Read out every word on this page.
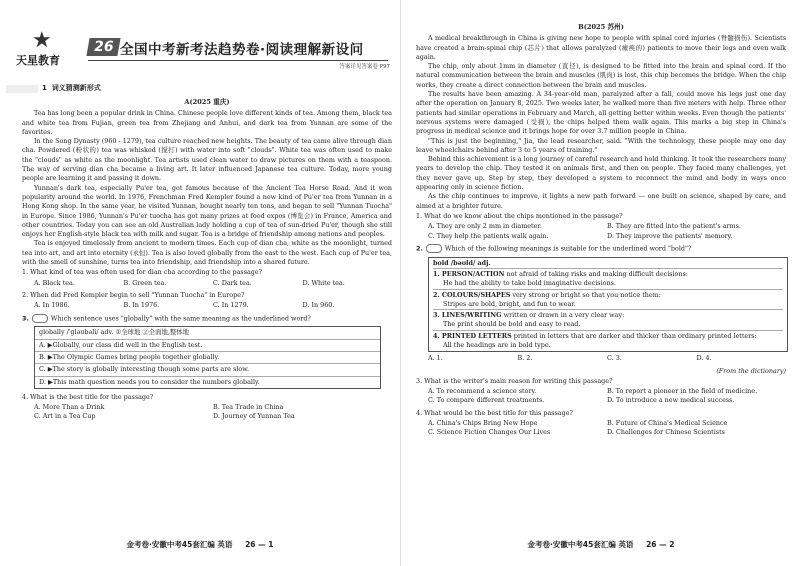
★
天星教育
26 全国中考新考法趋势卷·阅读理解新设问
答案详见答案卷 P97
1 词义猜测新形式
A(2025 重庆)

Tea has long been a popular drink in China. Chinese people love different kinds of tea. Among them, black tea and white tea from Fujian, green tea from Zhejiang and Anhui, and dark tea from Yunnan are some of the favorites.

In the Song Dynasty (960 - 1279), tea culture reached new heights. The beauty of tea came alive through dian cha. Powdered (粉状的) tea was whisked (搅打) with water into soft "clouds". White tea was often used to make the "clouds" as white as the moonlight. Tea artists used clean water to draw pictures on them with a teaspoon. The way of serving dian cha became a living art. It later influenced Japanese tea culture. Today, more young people are learning it and passing it down.

Yunnan's dark tea, especially Pu'er tea, got famous because of the Ancient Tea Horse Road. And it won popularity around the world. In 1976, Frenchman Fred Kempler found a new kind of Pu'er tea from Yunnan in a Hong Kong shop. In the same year, he visited Yunnan, bought nearly ten tons, and began to sell "Yunnan Tuocha" in Europe. Since 1986, Yunnan's Pu'er tuocha has got many prizes at food expos (博览会) in France, America and other countries. Today you can see an old Australian lady holding a cup of tea of sun-dried Pu'er, though she still enjoys her English-style black tea with milk and sugar. Tea is a bridge of friendship among nations and peoples.

Tea is enjoyed timelessly from ancient to modern times. Each cup of dian cha, white as the moonlight, turned tea into art, and art into eternity (永恒). Tea is also loved globally from the east to the west. Each cup of Pu'er tea, with the smell of sunshine, turns tea into friendship, and friendship into a shared future.

1. What kind of tea was often used for dian cha according to the passage?
A. Black tea.	B. Green tea.	C. Dark tea.	D. White tea.
2. When did Fred Kempler begin to sell "Yunnan Tuocha" in Europe?
A. In 1986.	B. In 1976.	C. In 1279.	D. In 960.
3.	Which sentence uses "globally" with the same meaning as the underlined word?
globally /ˈɡləʊbəli/ adv. ①全球地 ②全面地,整体地
A. ▶Globally, our class did well in the English test.
B. ▶The Olympic Games bring people together globally.
C. ▶The story is globally interesting though some parts are slow.
D. ▶This math question needs you to consider the numbers globally.
4. What is the best title for the passage?
A. More Than a Drink	B. Tea Trade in China
C. Art in a Tea Cup	D. Journey of Yunnan Tea
金考卷·安徽中考45套汇编 英语 26 — 1
B(2025 苏州)

A medical breakthrough in China is giving new hope to people with spinal cord injuries (脊髓损伤). Scientists have created a brain-spinal chip (芯片) that allows paralyzed (瘫痪的) patients to move their legs and even walk again.

The chip, only about 1mm in diameter (直径), is designed to be fitted into the brain and spinal cord. If the natural communication between the brain and muscles (肌肉) is lost, this chip becomes the bridge. When the chip works, they create a direct connection between the brain and muscles.

The results have been amazing. A 34-year-old man, paralyzed after a fall, could move his legs just one day after the operation on January 8, 2025. Two weeks later, he walked more than five meters with help. Three other patients had similar operations in February and March, all getting better within weeks. Even though the patients' nervous systems were damaged (受损), the chips helped them walk again. This marks a big step in China's progress in medical science and it brings hope for over 3.7 million people in China.

"This is just the beginning," Jia, the lead researcher, said. "With the technology, these people may one day leave wheelchairs behind after 3 to 5 years of training."

Behind this achievement is a long journey of careful research and hold thinking. It took the researchers many years to develop the chip. They tested it on animals first, and then on people. They faced many challenges, yet they never gave up. Step by step, they developed a system to reconnect the mind and body in ways once appearing only in science fiction.

As the chip continues to improve, it lights a new path forward — one built on science, shaped by care, and aimed at a brighter future.

1. What do we know about the chips mentioned in the passage?
A. They are only 2 mm in diameter.	B. They are fitted into the patient's arms.
C. They help the patients walk again.	D. They improve the patients' memory.
2.	Which of the following meanings is suitable for the underlined word "bold"?
bold /bəʊld/ adj.
1. PERSON/ACTION not afraid of taking risks and making difficult decisions:
He had the ability to take bold imaginative decisions.
2. COLOURS/SHAPES very strong or bright so that you notice them:
Stripes are bold, bright, and fun to wear.
3. LINES/WRITING written or drawn in a very clear way:
The print should be bold and easy to read.
4. PRINTED LETTERS printed in letters that are darker and thicker than ordinary printed letters:
All the headings are in bold type.
A. 1.	B. 2.	C. 3.	D. 4.
(From the dictionary)
3. What is the writer's main reason for writing this passage?
A. To recommend a science story.	B. To report a pioneer in the field of medicine.
C. To compare different treatments.	D. To introduce a new medical success.
4. What would be the best title for this passage?
A. China's Chips Bring New Hope	B. Future of China's Medical Science
C. Science Fiction Changes Our Lives	D. Challenges for Chinese Scientists
金考卷·安徽中考45套汇编 英语 26 — 2
